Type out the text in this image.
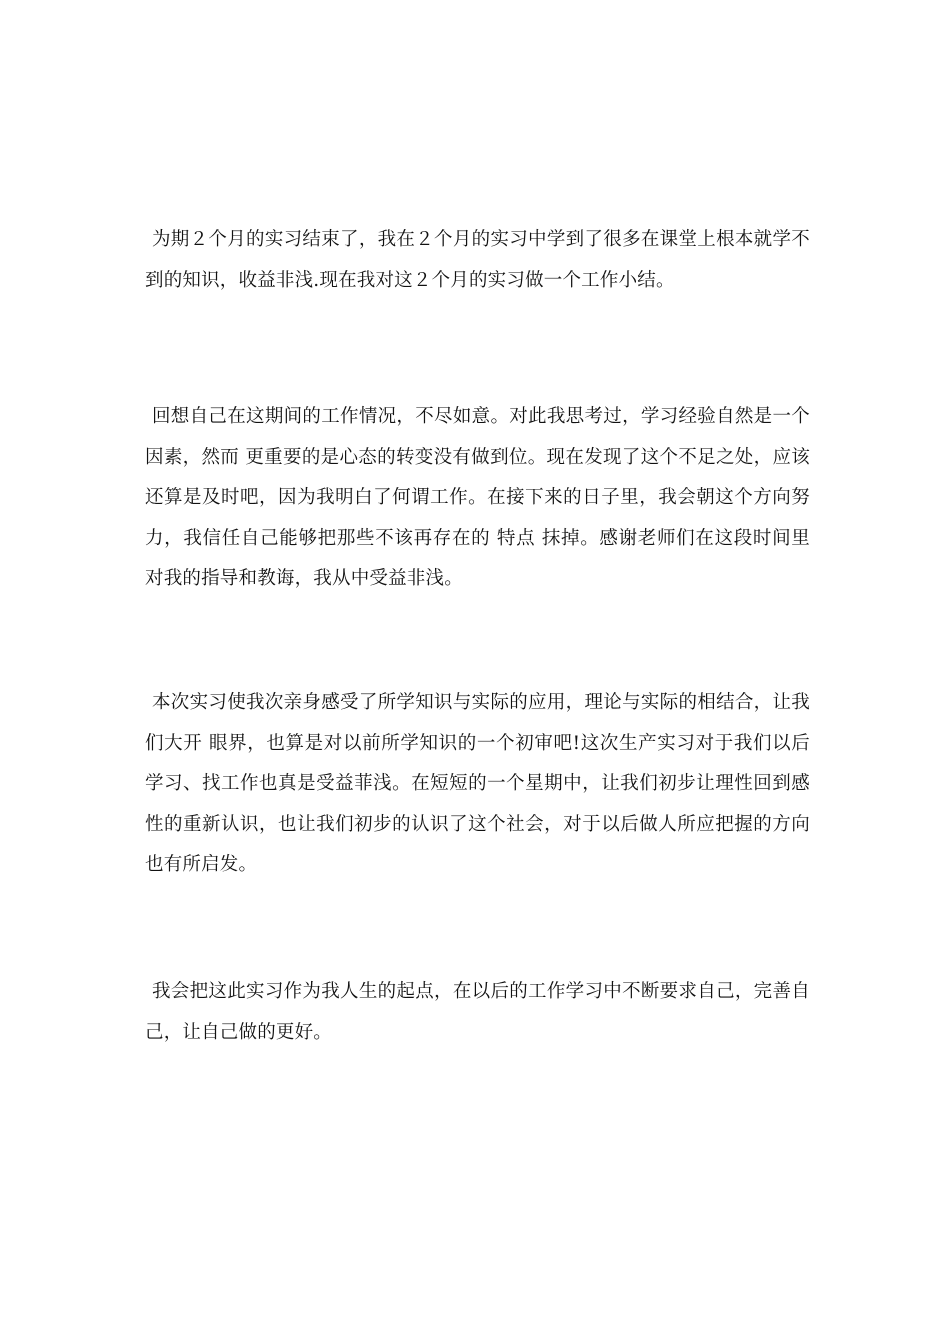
为期２个月的实习结束了，我在２个月的实习中学到了很多在课堂上根本就学不到的知识，收益非浅.现在我对这２个月的实习做一个工作小结。

回想自己在这期间的工作情况，不尽如意。对此我思考过，学习经验自然是一个因素，然而 更重要的是心态的转变没有做到位。现在发现了这个不足之处，应该还算是及时吧，因为我明白了何谓工作。在接下来的日子里，我会朝这个方向努力，我信任自己能够把那些不该再存在的 特点 抹掉。感谢老师们在这段时间里对我的指导和教诲，我从中受益非浅。

本次实习使我次亲身感受了所学知识与实际的应用，理论与实际的相结合，让我们大开 眼界，也算是对以前所学知识的一个初审吧!这次生产实习对于我们以后学习、找工作也真是受益菲浅。在短短的一个星期中，让我们初步让理性回到感性的重新认识，也让我们初步的认识了这个社会，对于以后做人所应把握的方向也有所启发。

我会把这此实习作为我人生的起点，在以后的工作学习中不断要求自己，完善自己，让自己做的更好。
